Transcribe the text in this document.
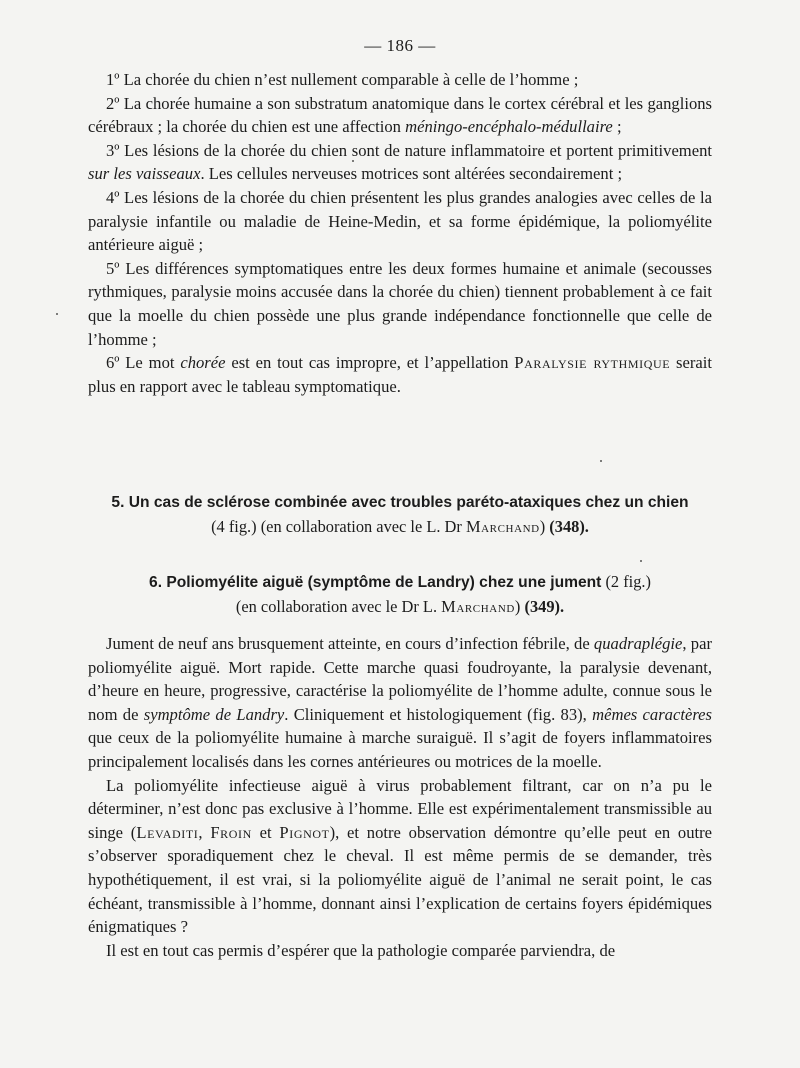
— 186 —

1º La chorée du chien n’est nullement comparable à celle de l’homme ;

2º La chorée humaine a son substratum anatomique dans le cortex cérébral et les ganglions cérébraux ; la chorée du chien est une affection méningo-encéphalo-médullaire ;

3º Les lésions de la chorée du chien sont de nature inflammatoire et portent primitivement sur les vaisseaux. Les cellules nerveuses motrices sont altérées secondairement ;

4º Les lésions de la chorée du chien présentent les plus grandes analogies avec celles de la paralysie infantile ou maladie de Heine-Medin, et sa forme épidémique, la poliomyélite antérieure aiguë ;

5º Les différences symptomatiques entre les deux formes humaine et animale (secousses rythmiques, paralysie moins accusée dans la chorée du chien) tiennent probablement à ce fait que la moelle du chien possède une plus grande indépendance fonctionnelle que celle de l’homme ;

6º Le mot chorée est en tout cas impropre, et l’appellation Paralysie rythmique serait plus en rapport avec le tableau symptomatique.

5. Un cas de sclérose combinée avec troubles paréto-ataxiques chez un chien
(4 fig.) (en collaboration avec le L. Dr Marchand) (348).
6. Poliomyélite aiguë (symptôme de Landry) chez une jument (2 fig.)
(en collaboration avec le Dr L. Marchand) (349).

Jument de neuf ans brusquement atteinte, en cours d’infection fébrile, de quadraplégie, par poliomyélite aiguë. Mort rapide. Cette marche quasi foudroyante, la paralysie devenant, d’heure en heure, progressive, caractérise la poliomyélite de l’homme adulte, connue sous le nom de symptôme de Landry. Cliniquement et histologiquement (fig. 83), mêmes caractères que ceux de la poliomyélite humaine à marche suraiguë. Il s’agit de foyers inflammatoires principalement localisés dans les cornes antérieures ou motrices de la moelle.

La poliomyélite infectieuse aiguë à virus probablement filtrant, car on n’a pu le déterminer, n’est donc pas exclusive à l’homme. Elle est expérimentalement transmissible au singe (Levaditi, Froin et Pignot), et notre observation démontre qu’elle peut en outre s’observer sporadiquement chez le cheval. Il est même permis de se demander, très hypothétiquement, il est vrai, si la poliomyélite aiguë de l’animal ne serait point, le cas échéant, transmissible à l’homme, donnant ainsi l’explication de certains foyers épidémiques énigmatiques ?

Il est en tout cas permis d’espérer que la pathologie comparée parviendra, de
